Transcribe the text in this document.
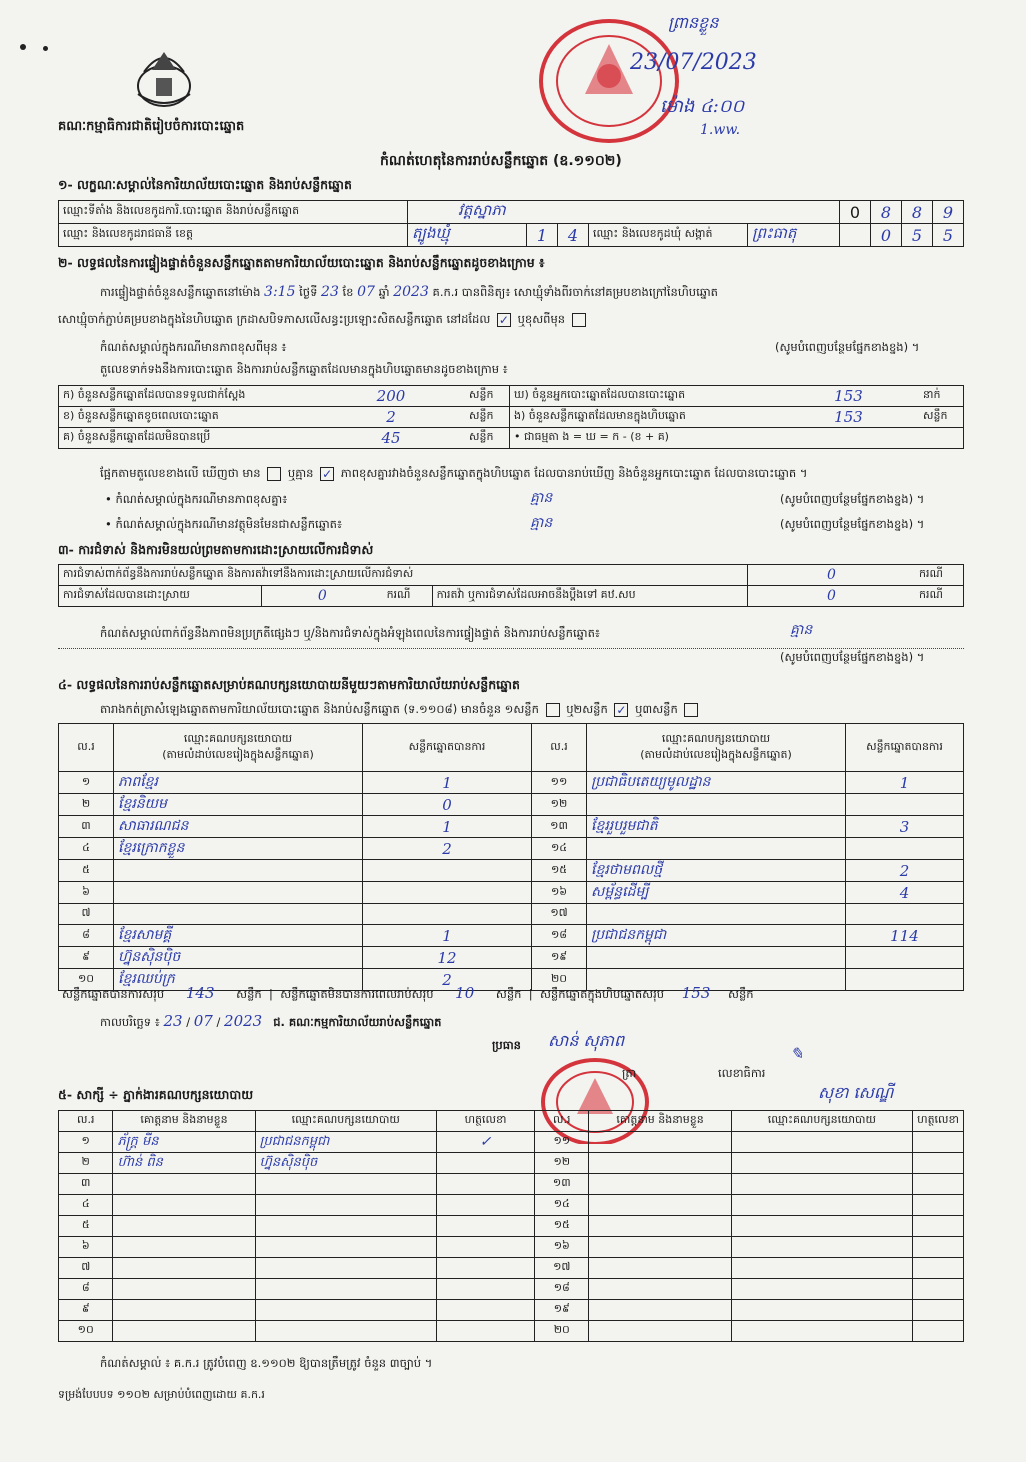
គណៈកម្មាធិការជាតិរៀបចំការបោះឆ្នោត
ព្រានខ្លួន
23/07/2023
ម៉ោង ៤:០០
1.ww.
កំណត់ហេតុនៃការរាប់សន្លឹកឆ្នោត (ឧ.១១០២)
១- លក្ខណៈសម្គាល់នៃការិយាល័យបោះឆ្នោត និងរាប់សន្លឹកឆ្នោត
ឈ្មោះទីតាំង និងលេខកូដការិ.បោះឆ្នោត និងរាប់សន្លឹកឆ្នោត	វត្តស្នាភា					0	8	8	9
ឈ្មោះ និងលេខកូដរាជធានី ខេត្ត	ត្បូងឃ្មុំ	1	4	ឈ្មោះ និងលេខកូដឃុំ សង្កាត់	ព្រះធាតុ		0	5	5
២- លទ្ធផលនៃការផ្ទៀងផ្ទាត់ចំនួនសន្លឹកឆ្នោតតាមការិយាល័យបោះឆ្នោត និងរាប់សន្លឹកឆ្នោតដូចខាងក្រោម ៖
ការផ្ទៀងផ្ទាត់ចំនួនសន្លឹកឆ្នោតនៅម៉ោង 3:15 ថ្ងៃទី 23 ខែ 07 ឆ្នាំ 2023 គ.ក.រ បានពិនិត្យ៖ សោឃ្មុំទាំងពីរចាក់នៅគម្របខាងក្រៅនៃហិបឆ្នោត
សោឃ្មុំចាក់ភ្ជាប់គម្របខាងក្នុងនៃហិបឆ្នោត ក្រដាសបិទភាសលើសន្ធះប្រឡោះសិតសន្លឹកឆ្នោត នៅដដែល ✓ ឬខុសពីមុន
កំណត់សម្គាល់ក្នុងករណីមានភាពខុសពីមុន ៖	(សូមបំពេញបន្ថែមផ្នែកខាងខ្នង) ។
តួលេខទាក់ទងនឹងការបោះឆ្នោត និងការរាប់សន្លឹកឆ្នោតដែលមានក្នុងហិបឆ្នោតមានដូចខាងក្រោម ៖
ក) ចំនួនសន្លឹកឆ្នោតដែលបានទទួលជាក់ស្ដែង	200	សន្លឹក	ឃ) ចំនួនអ្នកបោះឆ្នោតដែលបានបោះឆ្នោត	153	នាក់
ខ) ចំនួនសន្លឹកឆ្នោតខូចពេលបោះឆ្នោត	2	សន្លឹក	ង) ចំនួនសន្លឹកឆ្នោតដែលមានក្នុងហិបឆ្នោត	153	សន្លឹក
គ) ចំនួនសន្លឹកឆ្នោតដែលមិនបានប្រើ	45	សន្លឹក	• ជាធម្មតា ង = ឃ = ក - (ខ + គ)		
ផ្អែកតាមតួលេខខាងលើ ឃើញថា មាន ឬគ្មាន ✓ ភាពខុសគ្នារវាងចំនួនសន្លឹកឆ្នោតក្នុងហិបឆ្នោត ដែលបានរាប់ឃើញ និងចំនួនអ្នកបោះឆ្នោត ដែលបានបោះឆ្នោត ។
• កំណត់សម្គាល់ក្នុងករណីមានភាពខុសគ្នា៖	គ្មាន	(សូមបំពេញបន្ថែមផ្នែកខាងខ្នង) ។
• កំណត់សម្គាល់ក្នុងករណីមានវត្ថុមិនមែនជាសន្លឹកឆ្នោត៖	គ្មាន	(សូមបំពេញបន្ថែមផ្នែកខាងខ្នង) ។
៣- ការជំទាស់ និងការមិនយល់ព្រមតាមការដោះស្រាយលើការជំទាស់
ការជំទាស់ពាក់ព័ន្ធនឹងការរាប់សន្លឹកឆ្នោត និងការតវ៉ាទៅនឹងការដោះស្រាយលើការជំទាស់				0	ករណី
ការជំទាស់ដែលបានដោះស្រាយ	0	ករណី	ការតវ៉ា ឬការជំទាស់ដែលអាចនឹងប្ដឹងទៅ គឋ.សប	0	ករណី
កំណត់សម្គាល់ពាក់ព័ន្ធនឹងភាពមិនប្រក្រតីផ្សេងៗ ឬ/និងការជំទាស់ក្នុងអំឡុងពេលនៃការផ្ទៀងផ្ទាត់ និងការរាប់សន្លឹកឆ្នោត៖	គ្មាន
(សូមបំពេញបន្ថែមផ្នែកខាងខ្នង) ។
៤- លទ្ធផលនៃការរាប់សន្លឹកឆ្នោតសម្រាប់គណបក្សនយោបាយនីមួយៗតាមការិយាល័យរាប់សន្លឹកឆ្នោត
តារាងកត់ត្រាសំឡេងឆ្នោតតាមការិយាល័យបោះឆ្នោត និងរាប់សន្លឹកឆ្នោត (ទ.១១០៨) មានចំនួន ១សន្លឹក ឬ២សន្លឹក ✓ ឬ៣សន្លឹក
ល.រ	ឈ្មោះគណបក្សនយោបាយ
(តាមលំដាប់លេខរៀងក្នុងសន្លឹកឆ្នោត)	សន្លឹកឆ្នោតបានការ	ល.រ	ឈ្មោះគណបក្សនយោបាយ
(តាមលំដាប់លេខរៀងក្នុងសន្លឹកឆ្នោត)	សន្លឹកឆ្នោតបានការ
១	ភាពខ្មែរ	1	១១	ប្រជាធិបតេយ្យមូលដ្ឋាន	1
២	ខ្មែរនិយម	0	១២		
៣	សាធារណជន	1	១៣	ខ្មែររួបរួមជាតិ	3
៤	ខ្មែរក្រោកខ្លួន	2	១៤		
៥			១៥	ខ្មែរថាមពលថ្មី	2
៦			១៦	សម្ព័ន្ធដើម្បី	4
៧			១៧		
៨	ខ្មែរសាមគ្គី	1	១៨	ប្រជាជនកម្ពុជា	114
៩	ហ្វ៊ុនស៊ិនប៉ិច	12	១៩		
១០	ខ្មែរឈប់ក្រ	2	២០		
សន្លឹកឆ្នោតបានការសរុប 143 សន្លឹក  |  សន្លឹកឆ្នោតមិនបានការពេលរាប់សរុប 10 សន្លឹក  |  សន្លឹកឆ្នោតក្នុងហិបឆ្នោតសរុប 153 សន្លឹក
កាលបរិច្ឆេទ ៖ 23 / 07 / 2023 ជ. គណៈកម្មការិយាល័យរាប់សន្លឹកឆ្នោត
ប្រធាន សាន់ សុភាព
ត្រា	លេខាធិការ
✎
សុខា សេណ្ឌី
៥- សាក្សី ÷ ភ្នាក់ងារគណបក្សនយោបាយ
ល.រ	គោត្តនាម និងនាមខ្លួន	ឈ្មោះគណបក្សនយោបាយ	ហត្ថលេខា	ល.រ	គោត្តនាម និងនាមខ្លួន	ឈ្មោះគណបក្សនយោបាយ	ហត្ថលេខា
១	ភ័ក្ត្រ មីន	ប្រជាជនកម្ពុជា	✓	១១			
២	ហ៊ាន់ ពិន	ហ្វ៊ុនស៊ិនប៉ិច		១២			
៣				១៣			
៤				១៤			
៥				១៥			
៦				១៦			
៧				១៧			
៨				១៨			
៩				១៩			
១០				២០			
កំណត់សម្គាល់ ៖ គ.ក.រ ត្រូវបំពេញ ឧ.១១០២ ឱ្យបានត្រឹមត្រូវ ចំនួន ៣ច្បាប់ ។
ទម្រង់បែបបទ ១១០២ សម្រាប់បំពេញដោយ គ.ក.រ
